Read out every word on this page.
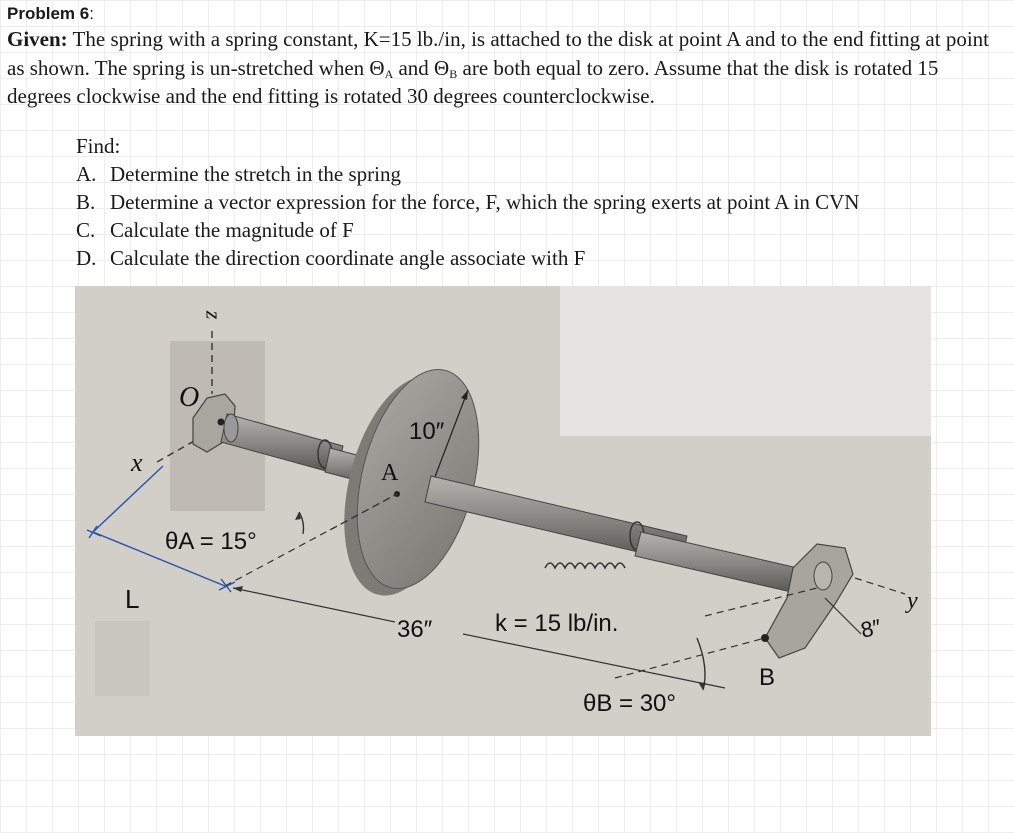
Problem 6:
Given: The spring with a spring constant, K=15 lb./in, is attached to the disk at point A and to the end fitting at point as shown. The spring is un-stretched when $\Theta_A$ and $\Theta_B$ are both equal to zero. Assume that the disk is rotated 15 degrees clockwise and the end fitting is rotated 30 degrees counterclockwise.
Find:
A. Determine the stretch in the spring
B. Determine a vector expression for the force, F, which the spring exerts at point A in CVN
C. Calculate the magnitude of F
D. Calculate the direction coordinate angle associate with F
z
O
x
10″
A
θA = 15°
L
36″	k = 15 lb/in.
B
8″
y
θB = 30°
